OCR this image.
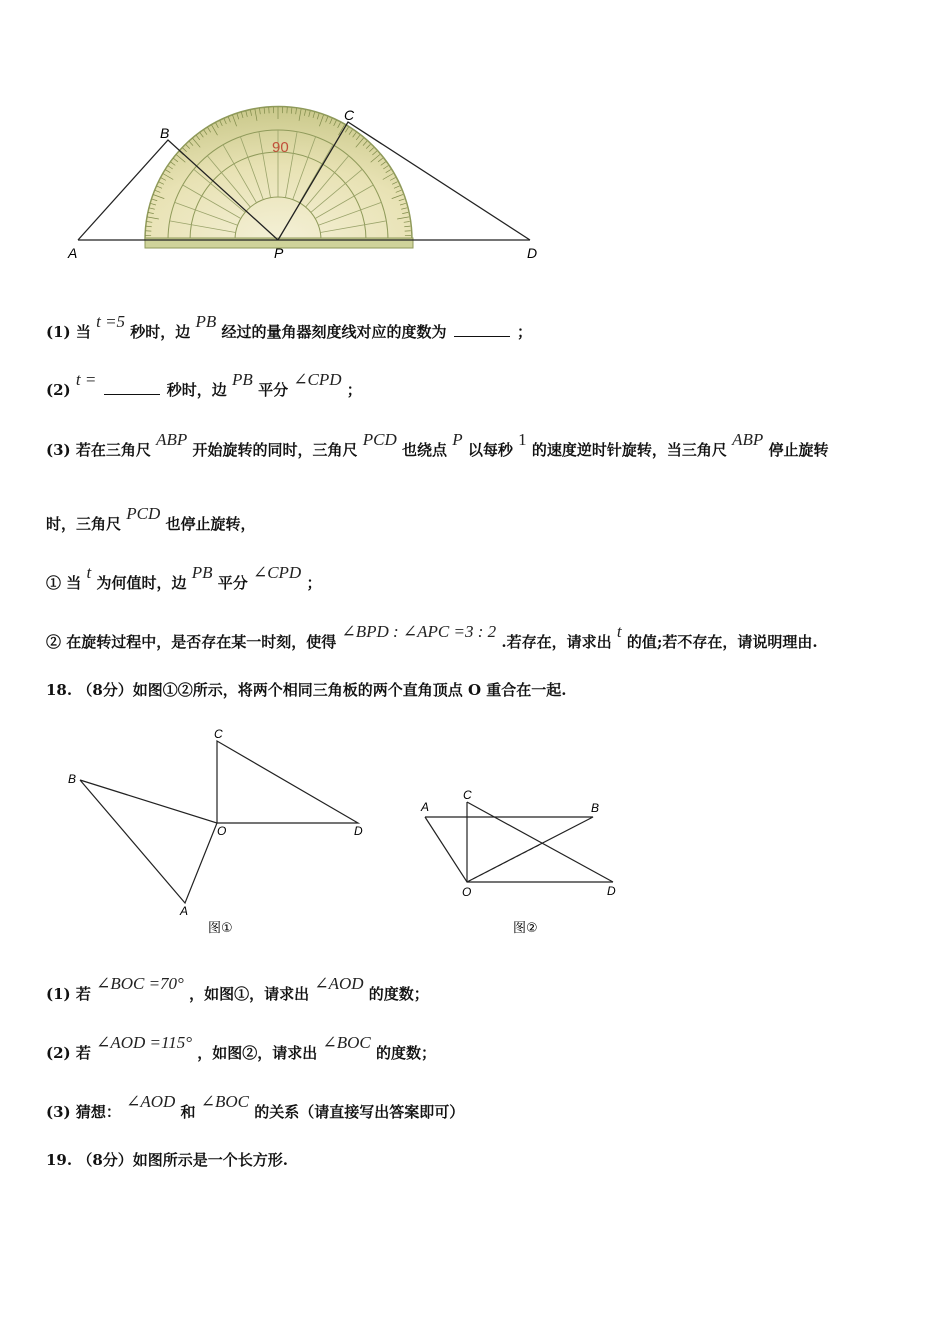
90
B
C
A	P	D
(1) 当 t =5 秒时，边 PB 经过的量角器刻度线对应的度数为	；
(2) t =  秒时，边 PB 平分 ∠CPD ；
(3) 若在三角尺 ABP 开始旋转的同时，三角尺 PCD 也绕点 P 以每秒 1 的速度逆时针旋转，当三角尺 ABP 停止旋转
时，三角尺 PCD 也停止旋转，
① 当 t 为何值时，边 PB 平分 ∠CPD ；
② 在旋转过程中，是否存在某一时刻，使得 ∠BPD : ∠APC =3 : 2 .若存在，请求出 t 的值;若不存在，请说明理由.
18. （8分）如图①②所示，将两个相同三角板的两个直角顶点 O 重合在一起.
B
C
O	D
A
图①
A
C
B
O	D
图②
(1) 若 ∠BOC =70° ，如图①，请求出 ∠AOD 的度数；
(2) 若 ∠AOD =115° ，如图②，请求出 ∠BOC 的度数；
(3) 猜想： ∠AOD 和 ∠BOC 的关系（请直接写出答案即可）
19. （8分）如图所示是一个长方形.
